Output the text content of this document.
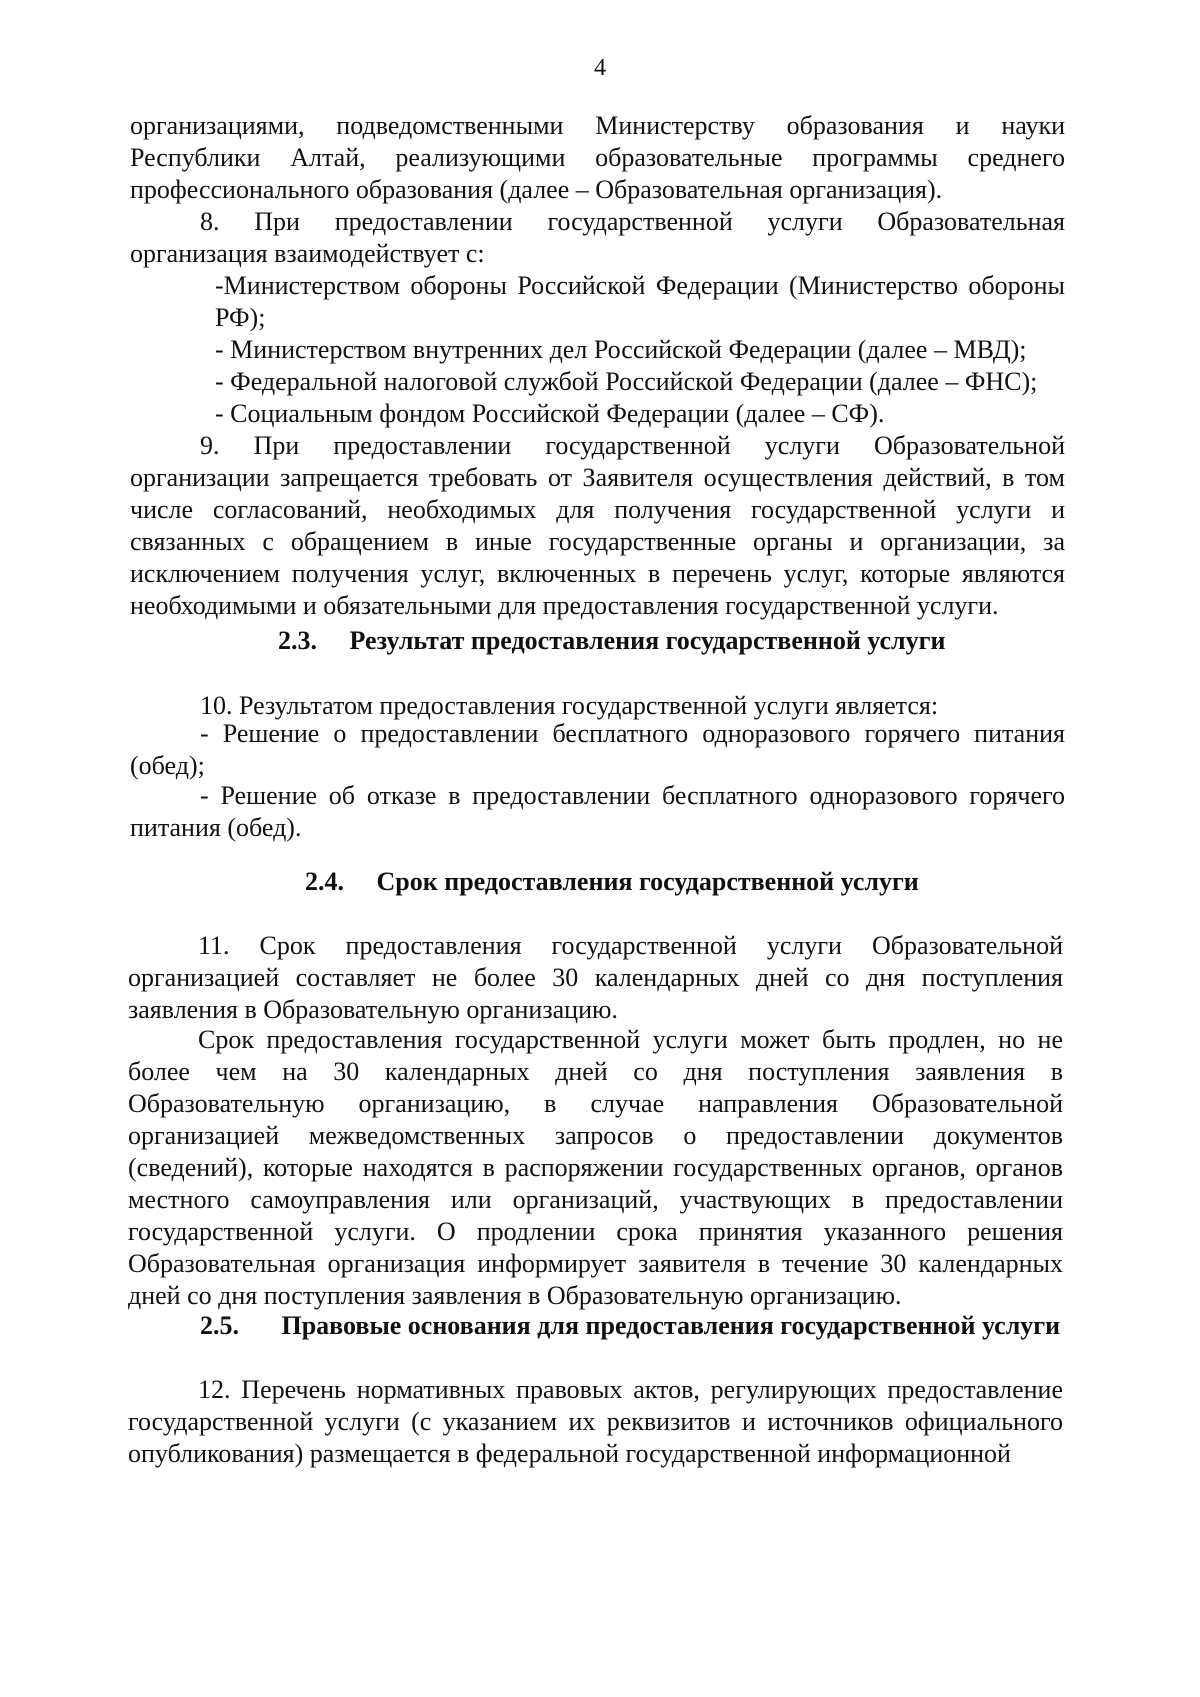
4

организациями, подведомственными Министерству образования и науки Республики Алтай, реализующими образовательные программы среднего профессионального образования (далее – Образовательная организация).

8. При предоставлении государственной услуги Образовательная организация взаимодействует с:

-Министерством обороны Российской Федерации (Министерство обороны РФ);
- Министерством внутренних дел Российской Федерации (далее – МВД);
- Федеральной налоговой службой Российской Федерации (далее – ФНС);
- Социальным фондом Российской Федерации (далее – СФ).

9. При предоставлении государственной услуги Образовательной организации запрещается требовать от Заявителя осуществления действий, в том числе согласований, необходимых для получения государственной услуги и связанных с обращением в иные государственные органы и организации, за исключением получения услуг, включенных в перечень услуг, которые являются необходимыми и обязательными для предоставления государственной услуги.

2.3. Результат предоставления государственной услуги

10. Результатом предоставления государственной услуги является:

- Решение о предоставлении бесплатного одноразового горячего питания (обед);

- Решение об отказе в предоставлении бесплатного одноразового горячего питания (обед).

2.4. Срок предоставления государственной услуги

11. Срок предоставления государственной услуги Образовательной организацией составляет не более 30 календарных дней со дня поступления заявления в Образовательную организацию.

Срок предоставления государственной услуги может быть продлен, но не более чем на 30 календарных дней со дня поступления заявления в Образовательную организацию, в случае направления Образовательной организацией межведомственных запросов о предоставлении документов (сведений), которые находятся в распоряжении государственных органов, органов местного самоуправления или организаций, участвующих в предоставлении государственной услуги. О продлении срока принятия указанного решения Образовательная организация информирует заявителя в течение 30 календарных дней со дня поступления заявления в Образовательную организацию.

2.5. Правовые основания для предоставления государственной услуги

12. Перечень нормативных правовых актов, регулирующих предоставление государственной услуги (с указанием их реквизитов и источников официального опубликования) размещается в федеральной государственной информационной
